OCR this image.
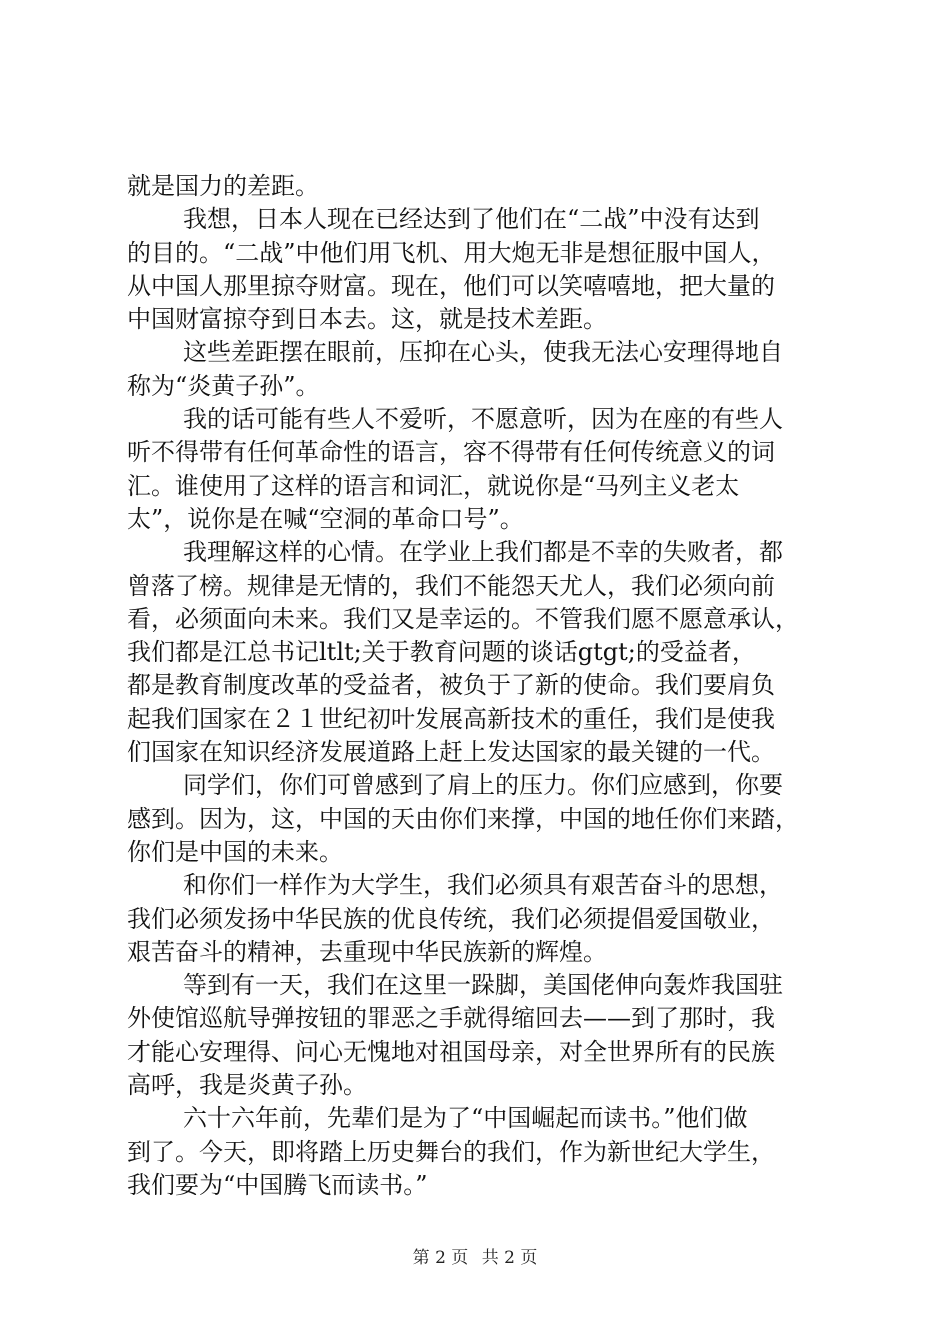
就是国力的差距。
我想，日本人现在已经达到了他们在“二战”中没有达到
的目的。“二战”中他们用飞机、用大炮无非是想征服中国人，
从中国人那里掠夺财富。现在，他们可以笑嘻嘻地，把大量的
中国财富掠夺到日本去。这，就是技术差距。
这些差距摆在眼前，压抑在心头，使我无法心安理得地自
称为“炎黄子孙”。
我的话可能有些人不爱听，不愿意听，因为在座的有些人
听不得带有任何革命性的语言，容不得带有任何传统意义的词
汇。谁使用了这样的语言和词汇，就说你是“马列主义老太
太”，说你是在喊“空洞的革命口号”。
我理解这样的心情。在学业上我们都是不幸的失败者，都
曾落了榜。规律是无情的，我们不能怨天尤人，我们必须向前
看，必须面向未来。我们又是幸运的。不管我们愿不愿意承认，
我们都是江总书记ltlt;关于教育问题的谈话gtgt;的受益者，
都是教育制度改革的受益者，被负于了新的使命。我们要肩负
起我们国家在２１世纪初叶发展高新技术的重任，我们是使我
们国家在知识经济发展道路上赶上发达国家的最关键的一代。
同学们，你们可曾感到了肩上的压力。你们应感到，你要
感到。因为，这，中国的天由你们来撑，中国的地任你们来踏，
你们是中国的未来。
和你们一样作为大学生，我们必须具有艰苦奋斗的思想，
我们必须发扬中华民族的优良传统，我们必须提倡爱国敬业，
艰苦奋斗的精神，去重现中华民族新的辉煌。
等到有一天，我们在这里一跺脚，美国佬伸向轰炸我国驻
外使馆巡航导弹按钮的罪恶之手就得缩回去——到了那时，我
才能心安理得、问心无愧地对祖国母亲，对全世界所有的民族
高呼，我是炎黄子孙。
六十六年前，先辈们是为了“中国崛起而读书。”他们做
到了。今天，即将踏上历史舞台的我们，作为新世纪大学生，
我们要为“中国腾飞而读书。”
第 2 页 共 2 页
